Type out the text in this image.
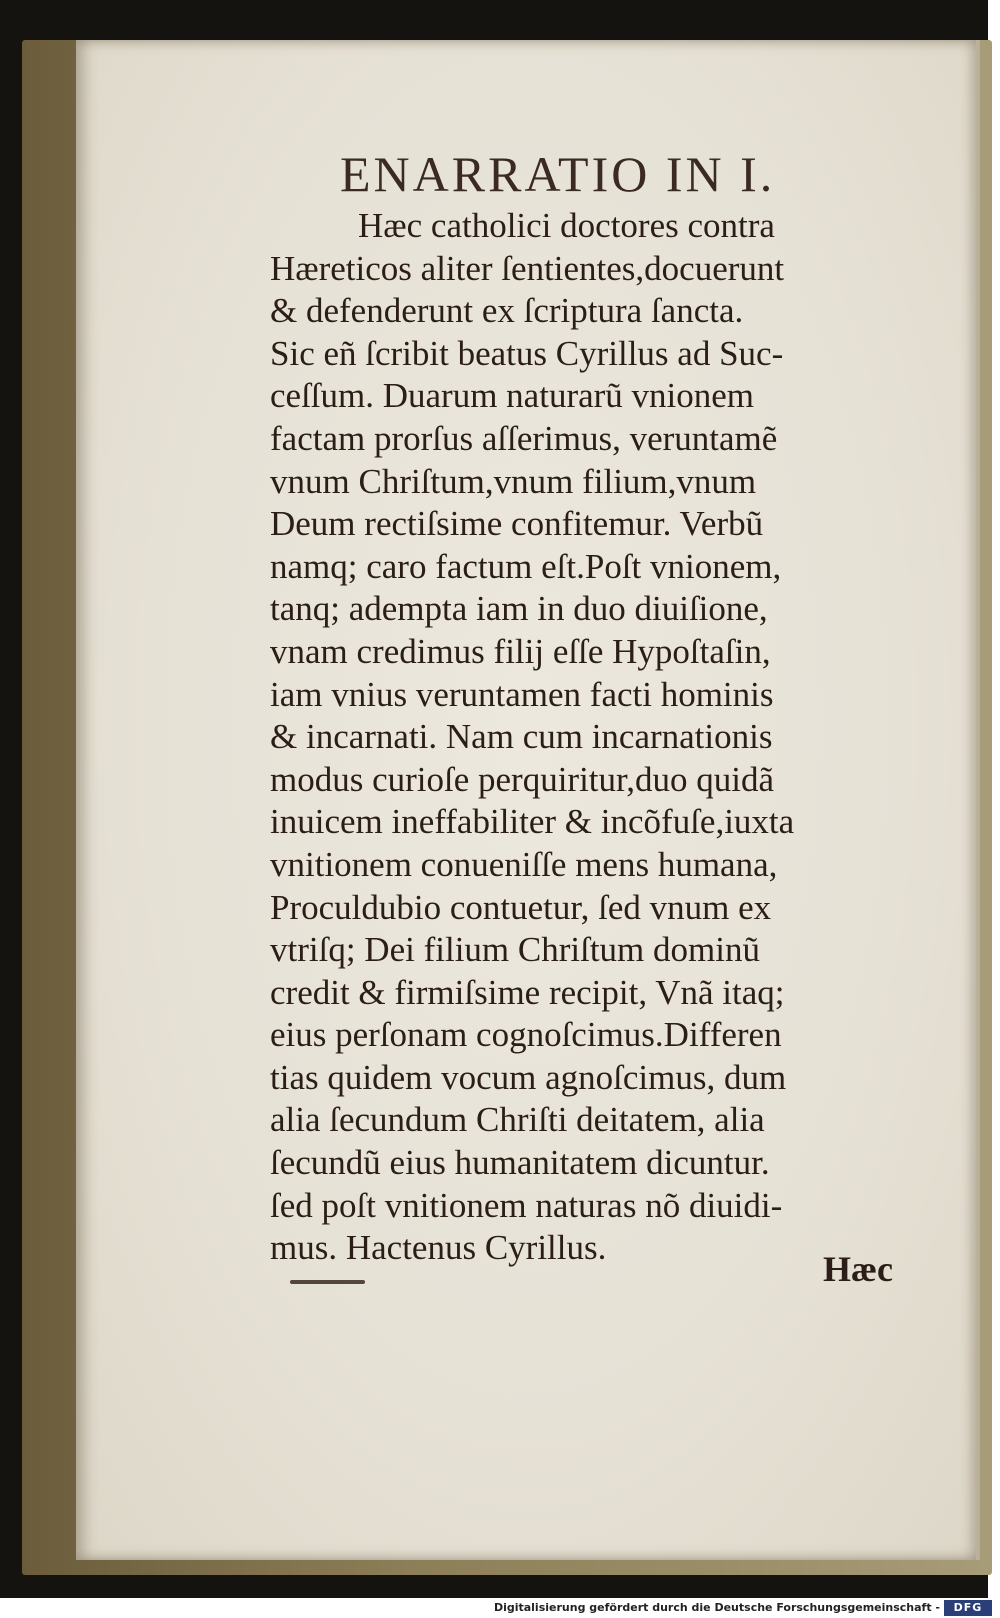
ENARRATIO IN I.
Hæc catholici doctores contra
Hæreticos aliter ſentientes,docuerunt
& defenderunt ex ſcriptura ſancta.
Sic eñ ſcribit beatus Cyrillus ad Suc-
ceſſum. Duarum naturarũ vnionem
factam prorſus aſſerimus, veruntamẽ
vnum Chriſtum,vnum filium,vnum
Deum rectiſsime confitemur. Verbũ
namq; caro factum eſt.Poſt vnionem,
tanq; adempta iam in duo diuiſione,
vnam credimus filij eſſe Hypoſtaſin,
iam vnius veruntamen facti hominis
& incarnati. Nam cum incarnationis
modus curioſe perquiritur,duo quidã
inuicem ineffabiliter & incõfuſe,iuxta
vnitionem conueniſſe mens humana,
Proculdubio contuetur, ſed vnum ex
vtriſq; Dei filium Chriſtum dominũ
credit & firmiſsime recipit, Vnã itaq;
eius perſonam cognoſcimus.Differen
tias quidem vocum agnoſcimus, dum
alia ſecundum Chriſti deitatem, alia
ſecundũ eius humanitatem dicuntur.
ſed poſt vnitionem naturas nõ diuidi-
mus. Hactenus Cyrillus.
Hæc
Digitalisierung gefördert durch die Deutsche Forschungsgemeinschaft -	DFG
